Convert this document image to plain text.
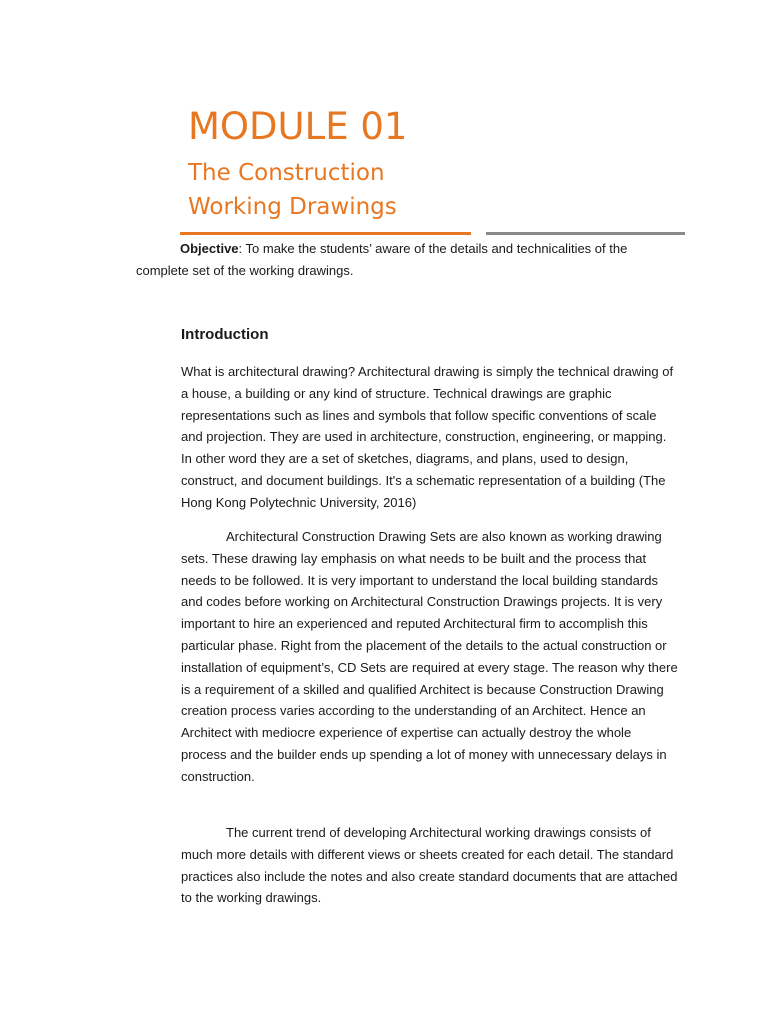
MODULE 01
The Construction
Working Drawings

Objective: To make the students’ aware of the details and technicalities of the complete set of the working drawings.

Introduction

What is architectural drawing? Architectural drawing is simply the technical drawing of a house, a building or any kind of structure. Technical drawings are graphic representations such as lines and symbols that follow specific conventions of scale and projection. They are used in architecture, construction, engineering, or mapping. In other word they are a set of sketches, diagrams, and plans, used to design, construct, and document buildings. It's a schematic representation of a building (The Hong Kong Polytechnic University, 2016)

Architectural Construction Drawing Sets are also known as working drawing sets. These drawing lay emphasis on what needs to be built and the process that needs to be followed. It is very important to understand the local building standards and codes before working on Architectural Construction Drawings projects. It is very important to hire an experienced and reputed Architectural firm to accomplish this particular phase. Right from the placement of the details to the actual construction or installation of equipment’s, CD Sets are required at every stage. The reason why there is a requirement of a skilled and qualified Architect is because Construction Drawing creation process varies according to the understanding of an Architect. Hence an Architect with mediocre experience of expertise can actually destroy the whole process and the builder ends up spending a lot of money with unnecessary delays in construction.

The current trend of developing Architectural working drawings consists of much more details with different views or sheets created for each detail. The standard practices also include the notes and also create standard documents that are attached to the working drawings.
